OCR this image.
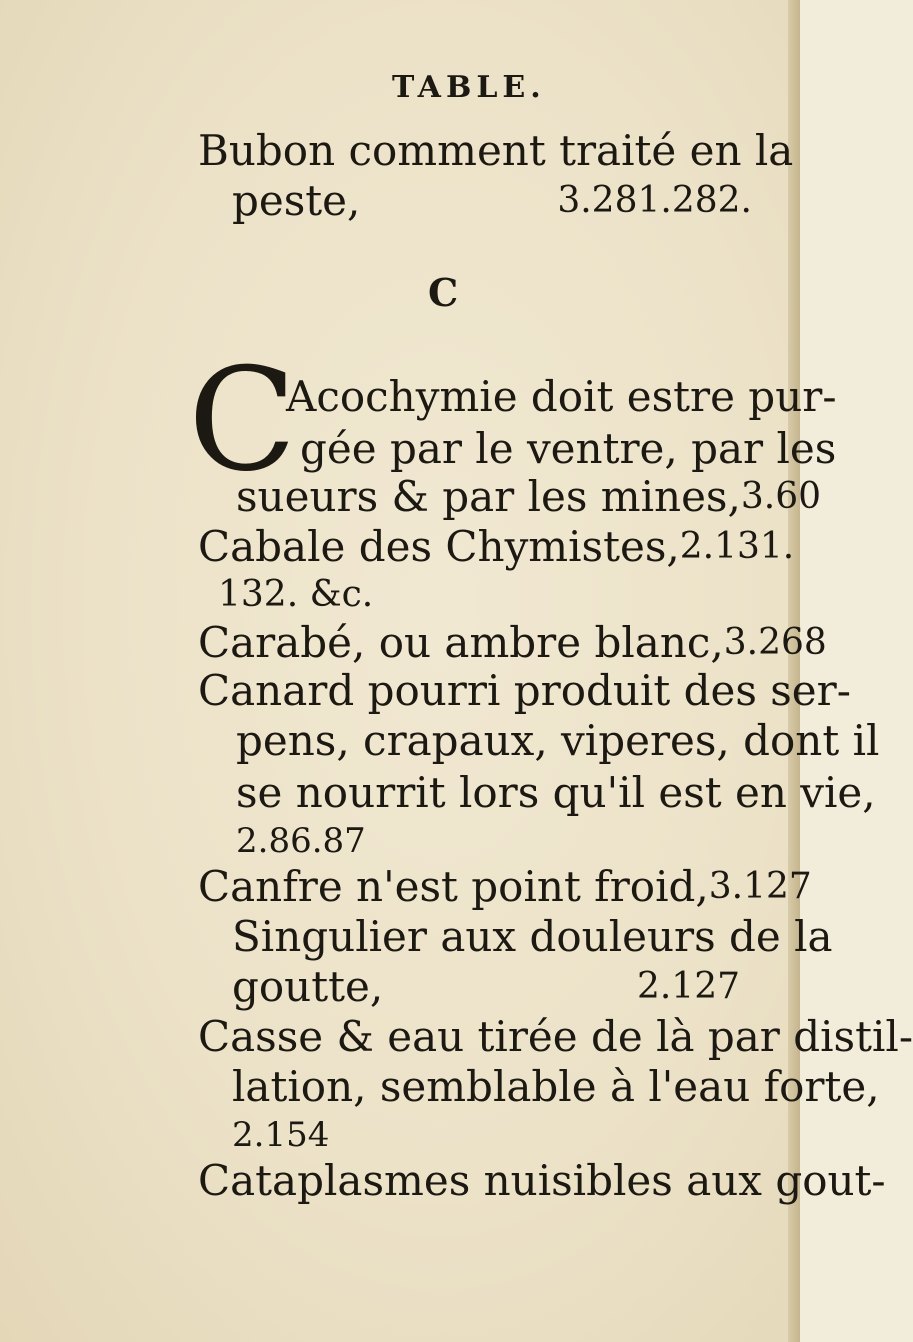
TABLE.
Bubon comment traité en la
peste,	3.281.282.
C
C
Acochymie doit estre pur-
gée par le ventre, par les
sueurs & par les mines, 3.60
Cabale des Chymistes, 2.131.
132. &c.
Carabé, ou ambre blanc, 3.268
Canard pourri produit des ser-
pens, crapaux, viperes, dont il
se nourrit lors qu'il est en vie,
2.86.87
Canfre n'est point froid, 3.127
Singulier aux douleurs de la
goutte,	2.127
Casse & eau tirée de là par distil-
lation, semblable à l'eau forte,
2.154
Cataplasmes nuisibles aux gout-
